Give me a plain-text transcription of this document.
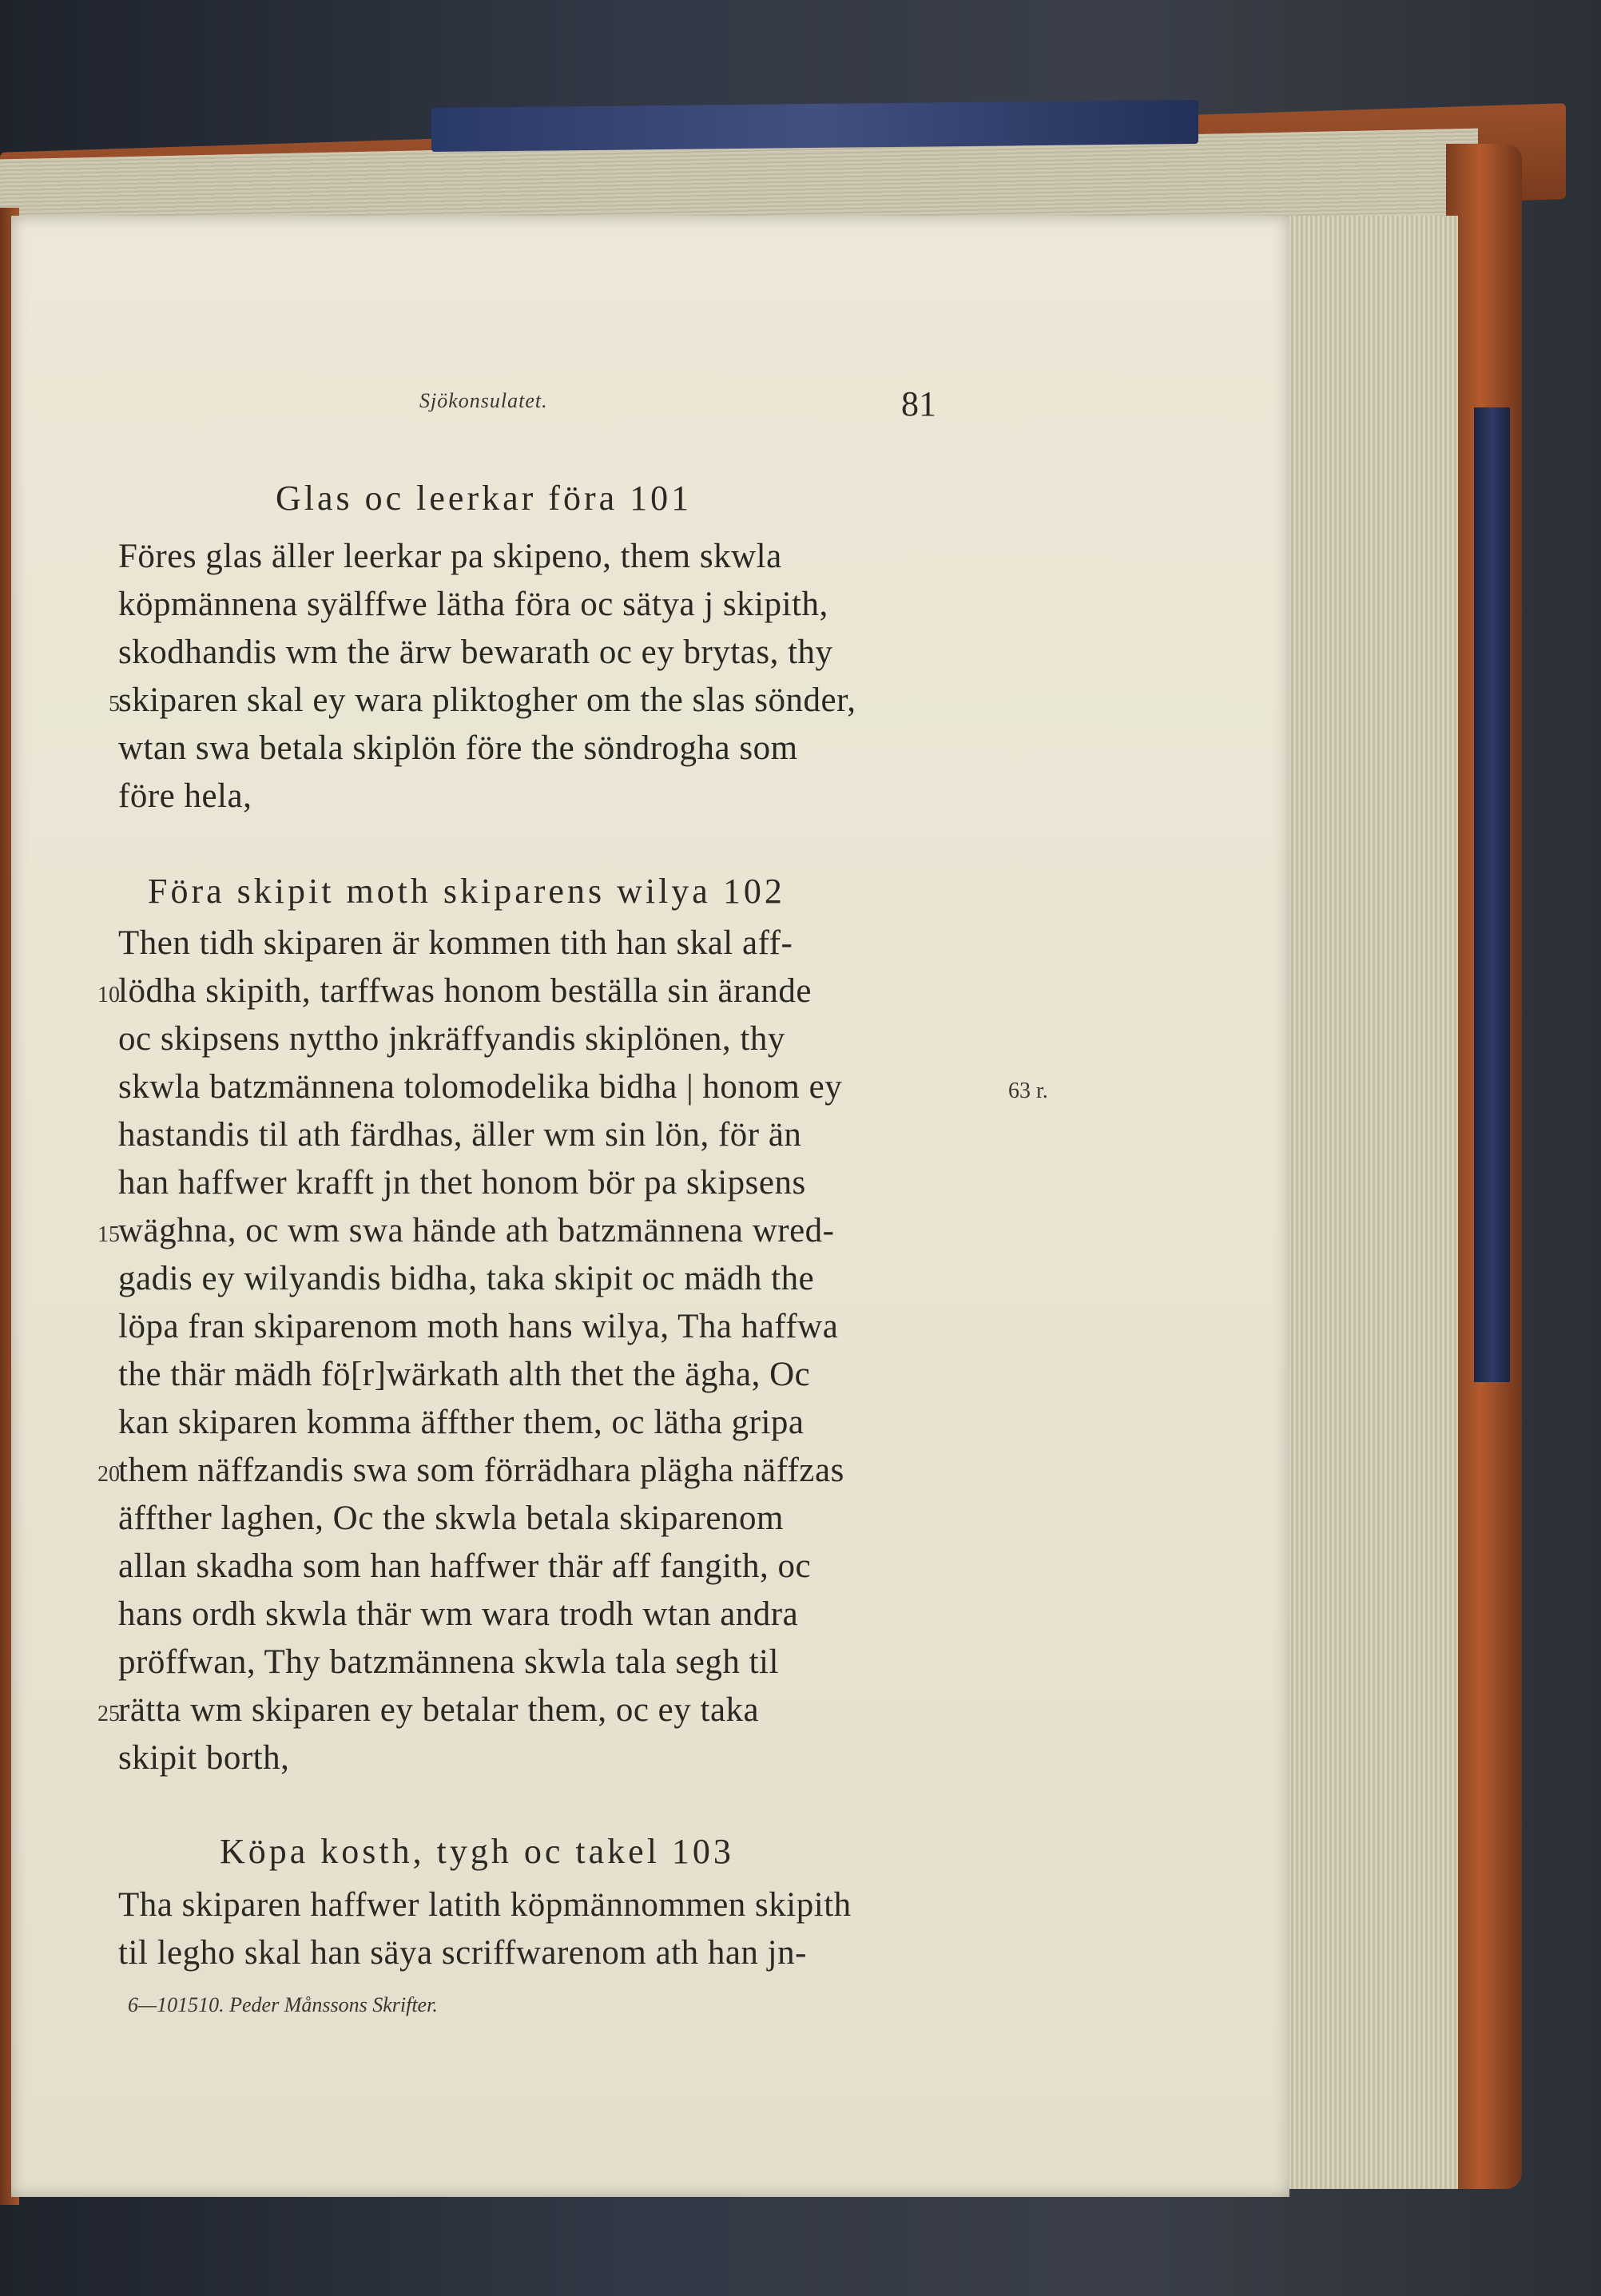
Sjökonsulatet.	81
Glas oc leerkar föra 101
Föres glas äller leerkar pa skipeno, them skwla
köpmännena syälffwe lätha föra oc sätya j skipith,
skodhandis wm the ärw bewarath oc ey brytas, thy
5
skiparen skal ey wara pliktogher om the slas sönder,
wtan swa betala skiplön före the söndrogha som
före hela,
Föra skipit moth skiparens wilya 102
Then tidh skiparen är kommen tith han skal aff-
10
lödha skipith, tarffwas honom beställa sin ärande
oc skipsens nyttho jnkräffyandis skiplönen, thy
skwla batzmännena tolomodelika bidha | honom ey	63 r.
hastandis til ath färdhas, äller wm sin lön, för än
han haffwer krafft jn thet honom bör pa skipsens
15
wäghna, oc wm swa hände ath batzmännena wred-
gadis ey wilyandis bidha, taka skipit oc mädh the
löpa fran skiparenom moth hans wilya, Tha haffwa
the thär mädh fö[r]wärkath alth thet the ägha, Oc
kan skiparen komma äffther them, oc lätha gripa
20
them näffzandis swa som förrädhara plägha näffzas
äffther laghen, Oc the skwla betala skiparenom
allan skadha som han haffwer thär aff fangith, oc
hans ordh skwla thär wm wara trodh wtan andra
pröffwan, Thy batzmännena skwla tala segh til
25
rätta wm skiparen ey betalar them, oc ey taka
skipit borth,
Köpa kosth, tygh oc takel 103
Tha skiparen haffwer latith köpmännommen skipith
til legho skal han säya scriffwarenom ath han jn-
6—101510. Peder Månssons Skrifter.
